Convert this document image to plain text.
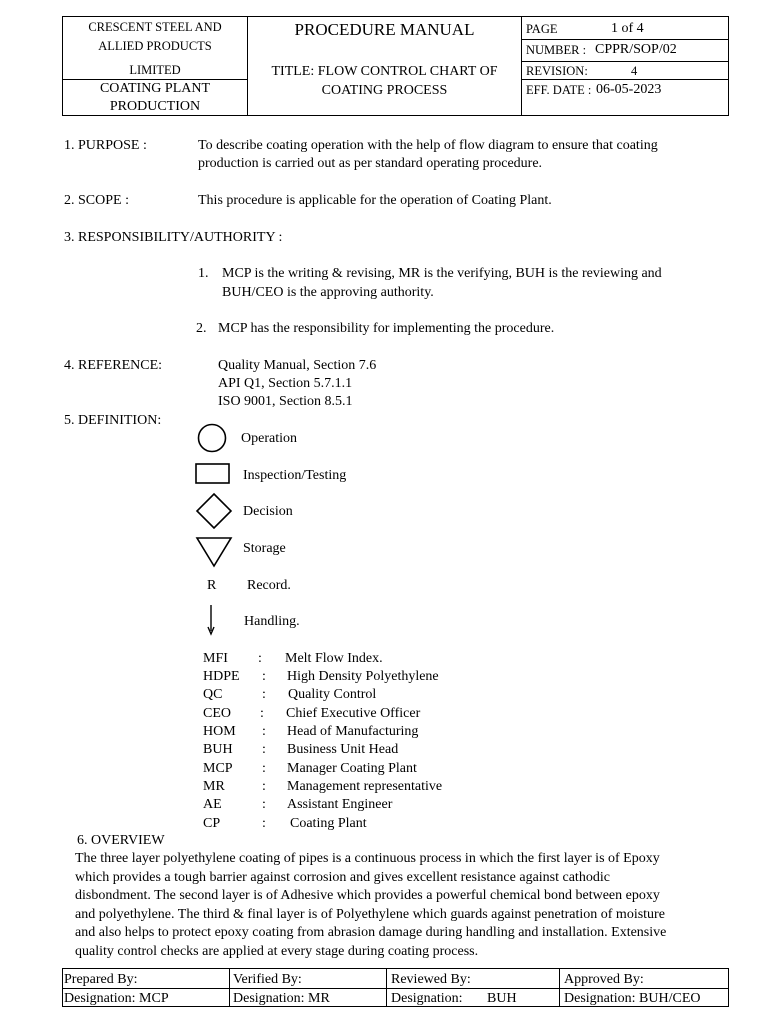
CRESCENT STEEL AND
ALLIED PRODUCTS
LIMITED
COATING PLANT
PRODUCTION
PROCEDURE MANUAL
TITLE: FLOW CONTROL CHART OF
COATING PROCESS
PAGE	1 of 4
NUMBER : CPPR/SOP/02
REVISION:	4
EFF. DATE : 06-05-2023
1. PURPOSE :	To describe coating operation with the help of flow diagram to ensure that coating
production is carried out as per standard operating procedure.
2. SCOPE :	This procedure is applicable for the operation of Coating Plant.
3. RESPONSIBILITY/AUTHORITY :
1. MCP is the writing & revising, MR is the verifying, BUH is the reviewing and
BUH/CEO is the approving authority.
2. MCP has the responsibility for implementing the procedure.
4. REFERENCE:	Quality Manual, Section 7.6
API Q1, Section 5.7.1.1
ISO 9001, Section 8.5.1
5. DEFINITION:
Operation
Inspection/Testing
Decision
Storage
R Record.
Handling.
MFI : Melt Flow Index.
HDPE : High Density Polyethylene
QC	: Quality Control
CEO : Chief Executive Officer
HOM : Head of Manufacturing
BUH : Business Unit Head
MCP : Manager Coating Plant
MR	: Management representative
AE	: Assistant Engineer
CP	: Coating Plant
6. OVERVIEW
The three layer polyethylene coating of pipes is a continuous process in which the first layer is of Epoxy
which provides a tough barrier against corrosion and gives excellent resistance against cathodic
disbondment. The second layer is of Adhesive which provides a powerful chemical bond between epoxy
and polyethylene. The third & final layer is of Polyethylene which guards against penetration of moisture
and also helps to protect epoxy coating from abrasion damage during handling and installation. Extensive
quality control checks are applied at every stage during coating process.
Prepared By:	Verified By:	Reviewed By:	Approved By:
Designation: MCP	Designation: MR	Designation: BUH	Designation: BUH/CEO
